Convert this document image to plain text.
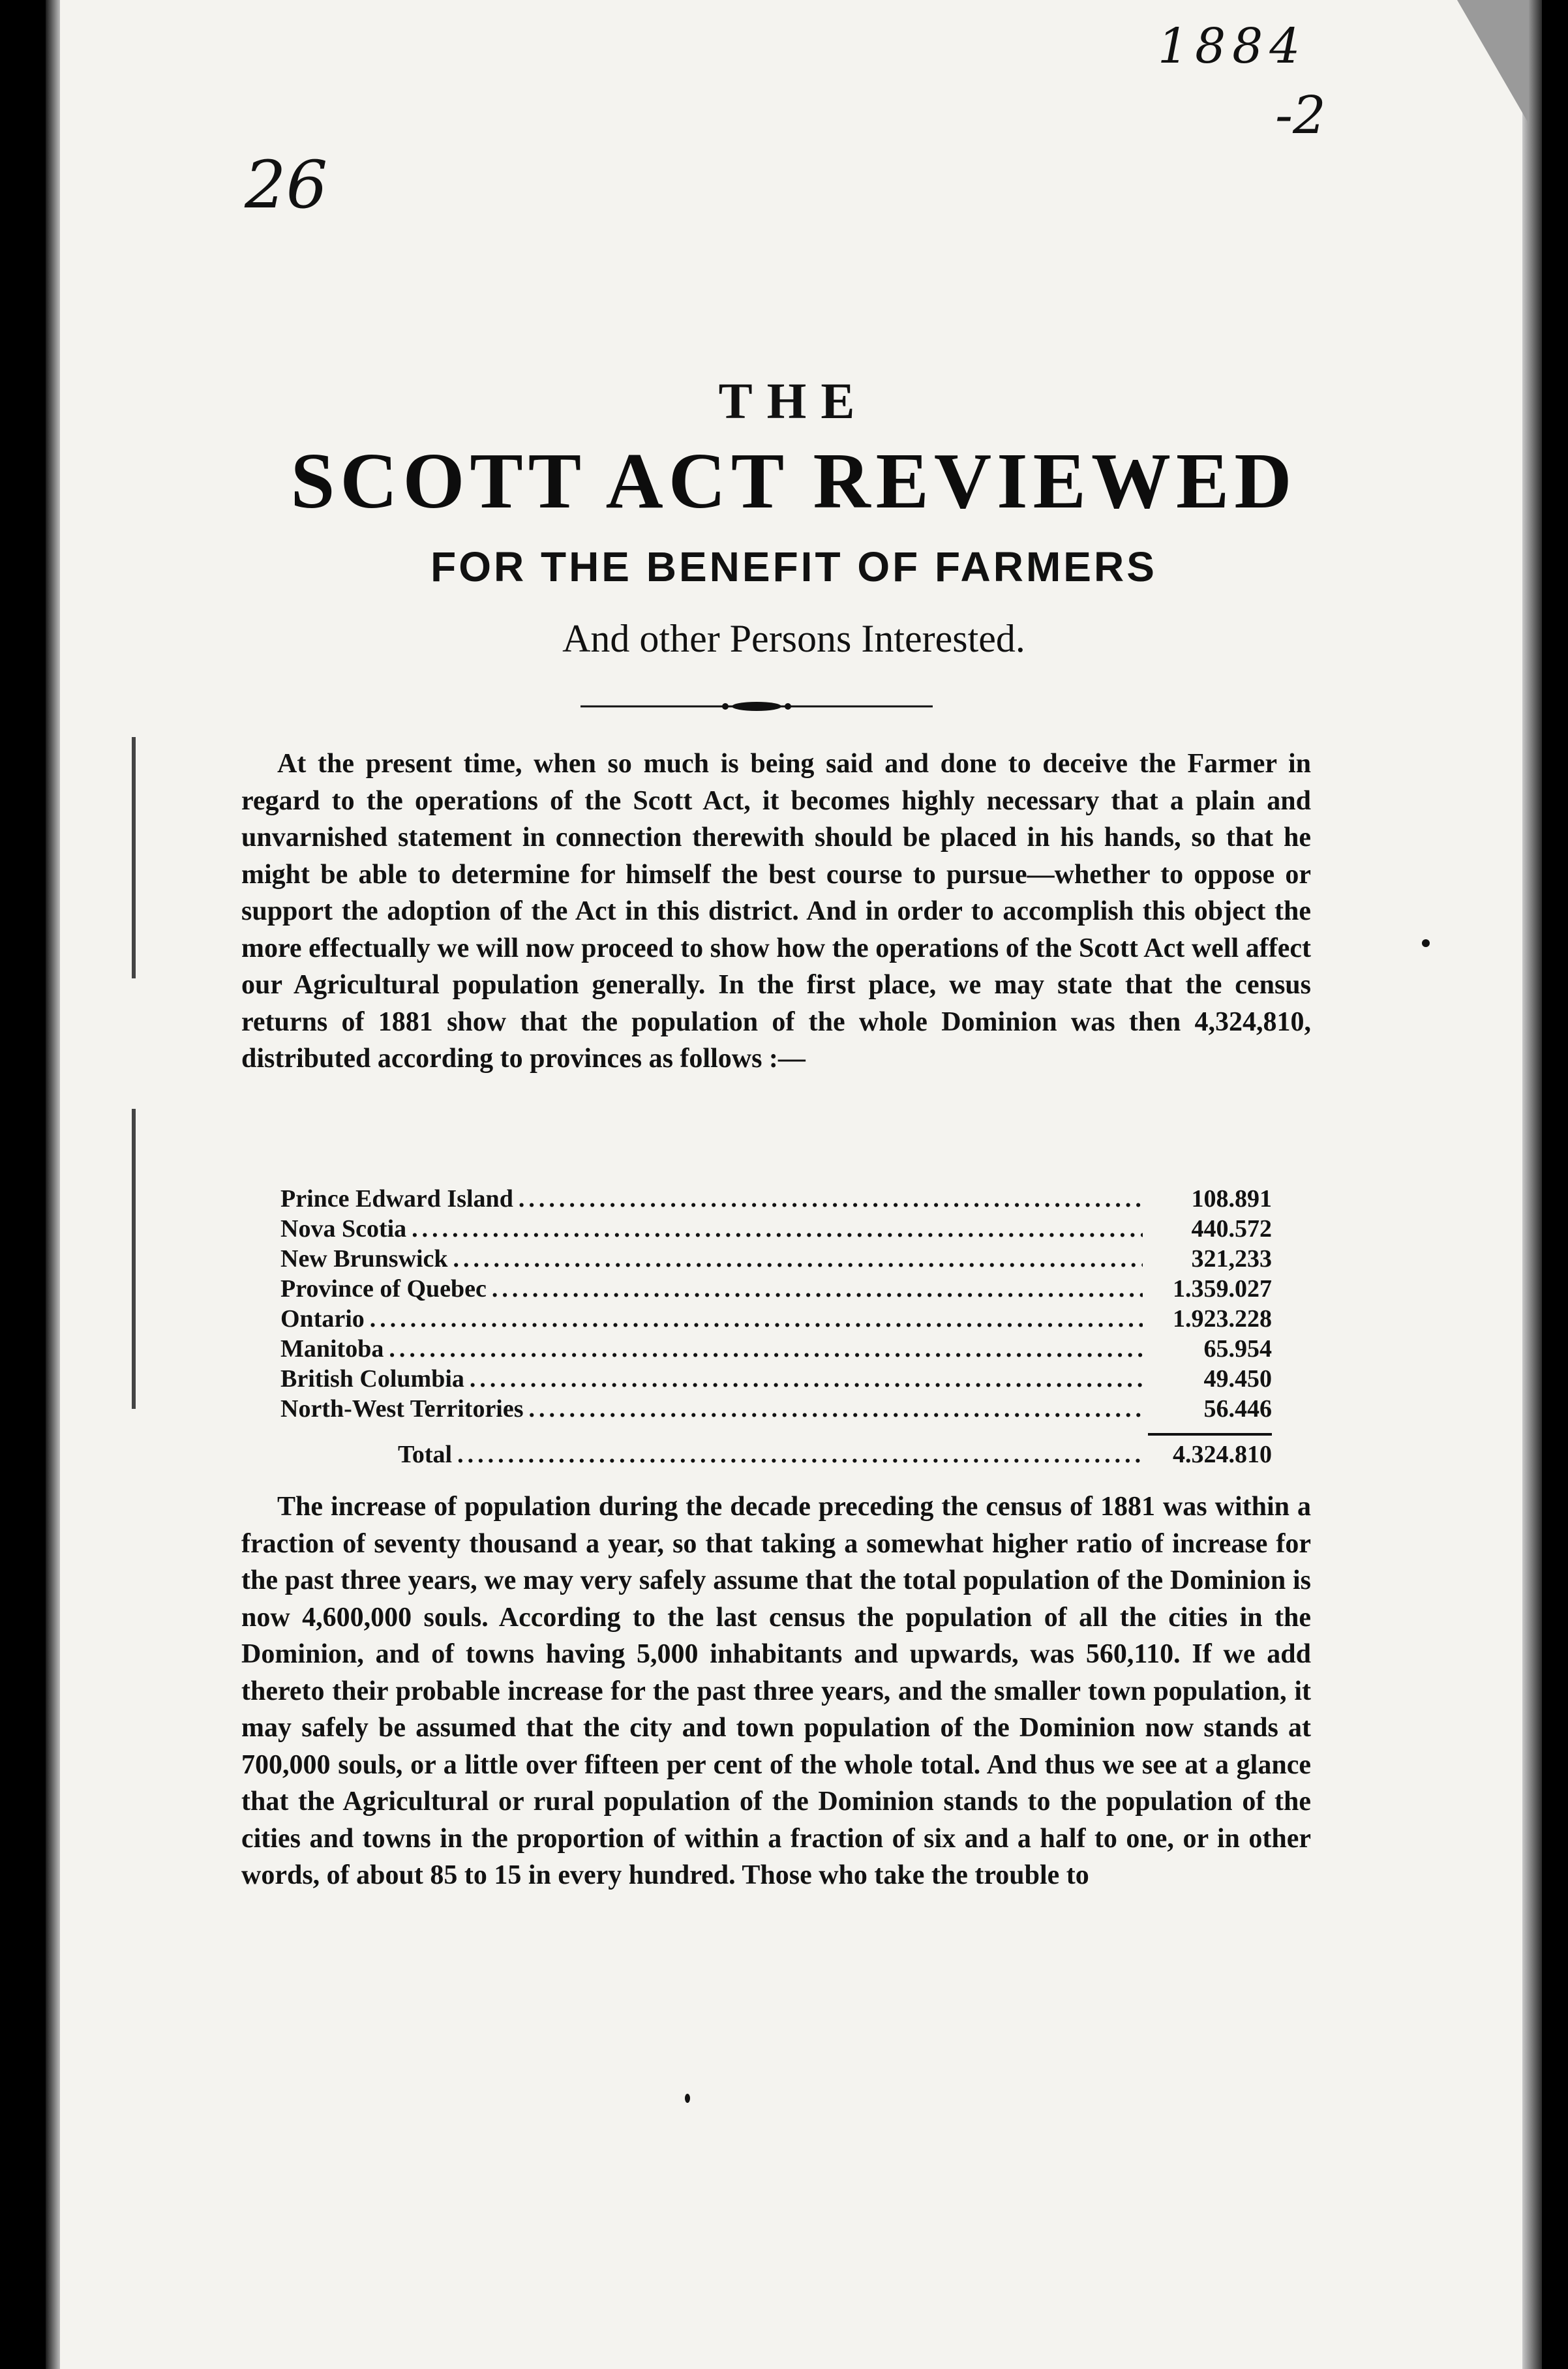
1884
-2
26
THE
SCOTT ACT REVIEWED
FOR THE BENEFIT OF FARMERS
And other Persons Interested.

At the present time, when so much is being said and done to deceive the Farmer in regard to the operations of the Scott Act, it becomes highly necessary that a plain and unvarnished statement in connection therewith should be placed in his hands, so that he might be able to determine for himself the best course to pursue—whether to oppose or support the adoption of the Act in this district. And in order to accomplish this object the more effectually we will now proceed to show how the operations of the Scott Act well affect our Agricultural population generally. In the first place, we may state that the census returns of 1881 show that the population of the whole Dominion was then 4,324,810, distributed according to provinces as follows :—

Prince Edward Island .....	108.891
Nova Scotia .....	440.572
New Brunswick .....	321,233
Province of Quebec .....	1.359.027
Ontario .....	1.923.228
Manitoba .....	65.954
British Columbia .....	49.450
North-West Territories .....	56.446
Total .....	4.324.810

The increase of population during the decade preceding the census of 1881 was within a fraction of seventy thousand a year, so that taking a somewhat higher ratio of increase for the past three years, we may very safely assume that the total population of the Dominion is now 4,600,000 souls. According to the last census the population of all the cities in the Dominion, and of towns having 5,000 inhabitants and upwards, was 560,110. If we add thereto their probable increase for the past three years, and the smaller town population, it may safely be assumed that the city and town population of the Dominion now stands at 700,000 souls, or a little over fifteen per cent of the whole total. And thus we see at a glance that the Agricultural or rural population of the Dominion stands to the population of the cities and towns in the proportion of within a fraction of six and a half to one, or in other words, of about 85 to 15 in every hundred. Those who take the trouble to
